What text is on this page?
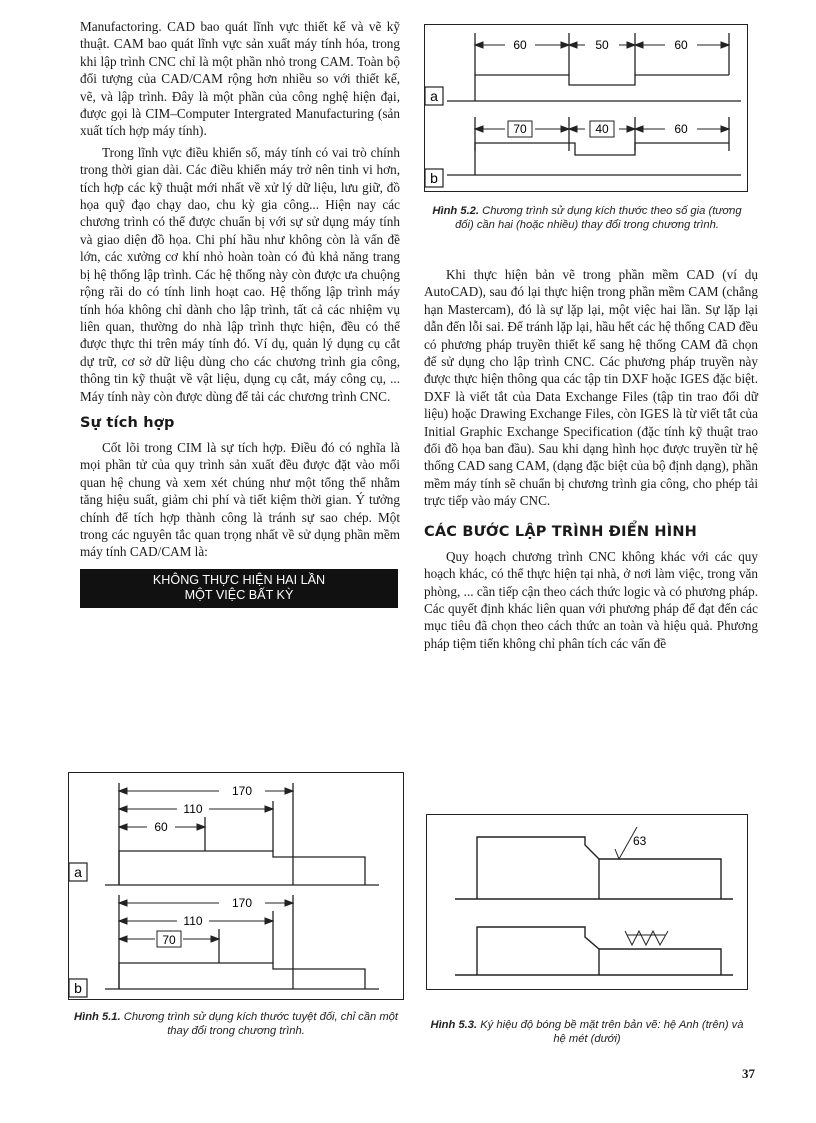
Manufactoring. CAD bao quát lĩnh vực thiết kế và vẽ kỹ thuật. CAM bao quát lĩnh vực sản xuất máy tính hóa, trong khi lập trình CNC chỉ là một phần nhỏ trong CAM. Toàn bộ đối tượng của CAD/CAM rộng hơn nhiều so với thiết kế, vẽ, và lập trình. Đây là một phần của công nghệ hiện đại, được gọi là CIM–Computer Intergrated Manufacturing (sản xuất tích hợp máy tính).

Trong lĩnh vực điều khiển số, máy tính có vai trò chính trong thời gian dài. Các điều khiển máy trở nên tinh vi hơn, tích hợp các kỹ thuật mới nhất về xử lý dữ liệu, lưu giữ, đồ họa quỹ đạo chạy dao, chu kỳ gia công... Hiện nay các chương trình có thể được chuẩn bị với sự sử dụng máy tính và giao diện đồ họa. Chi phí hầu như không còn là vấn đề lớn, các xưởng cơ khí nhỏ hoàn toàn có đủ khả năng trang bị hệ thống lập trình. Các hệ thống này còn được ưa chuộng rộng rãi do có tính linh hoạt cao. Hệ thống lập trình máy tính hóa không chỉ dành cho lập trình, tất cả các nhiệm vụ liên quan, thường do nhà lập trình thực hiện, đều có thể được thực thi trên máy tính đó. Ví dụ, quản lý dụng cụ cắt dự trữ, cơ sở dữ liệu dùng cho các chương trình gia công, thông tin kỹ thuật về vật liệu, dụng cụ cắt, máy công cụ, ... Máy tính này còn được dùng để tải các chương trình CNC.

Sự tích hợp

Cốt lõi trong CIM là sự tích hợp. Điều đó có nghĩa là mọi phần tử của quy trình sản xuất đều được đặt vào mối quan hệ chung và xem xét chúng như một tổng thể nhằm tăng hiệu suất, giảm chi phí và tiết kiệm thời gian. Ý tưởng chính để tích hợp thành công là tránh sự sao chép. Một trong các nguyên tắc quan trọng nhất về sử dụng phần mềm máy tính CAD/CAM là:

KHÔNG THỰC HIỆN HAI LẦN
MỘT VIỆC BẤT KỲ
170
110
60
a
170
110
70
b
Hình 5.1. Chương trình sử dụng kích thước tuyệt đối, chỉ cần một thay đổi trong chương trình.
60	50	60
a
70	40	60
b
Hình 5.2. Chương trình sử dụng kích thước theo số gia (tương đối) cần hai (hoặc nhiều) thay đổi trong chương trình.

Khi thực hiện bản vẽ trong phần mềm CAD (ví dụ AutoCAD), sau đó lại thực hiện trong phần mềm CAM (chẳng hạn Mastercam), đó là sự lặp lại, một việc hai lần. Sự lặp lại dẫn đến lỗi sai. Để tránh lặp lại, hầu hết các hệ thống CAD đều có phương pháp truyền thiết kế sang hệ thống CAM đã chọn để sử dụng cho lập trình CNC. Các phương pháp truyền này được thực hiện thông qua các tập tin DXF hoặc IGES đặc biệt. DXF là viết tắt của Data Exchange Files (tập tin trao đổi dữ liệu) hoặc Drawing Exchange Files, còn IGES là từ viết tắt của Initial Graphic Exchange Specification (đặc tính kỹ thuật trao đổi đồ họa ban đầu). Sau khi dạng hình học được truyền từ hệ thống CAD sang CAM, (dạng đặc biệt của bộ định dạng), phần mềm máy tính sẽ chuẩn bị chương trình gia công, cho phép tải trực tiếp vào máy CNC.

CÁC BƯỚC LẬP TRÌNH ĐIỂN HÌNH

Quy hoạch chương trình CNC không khác với các quy hoạch khác, có thể thực hiện tại nhà, ở nơi làm việc, trong văn phòng, ... cần tiếp cận theo cách thức logic và có phương pháp. Các quyết định khác liên quan với phương pháp để đạt đến các mục tiêu đã chọn theo cách thức an toàn và hiệu quả. Phương pháp tiệm tiến không chỉ phân tích các vấn đề

63
Hình 5.3. Ký hiệu độ bóng bề mặt trên bản vẽ: hệ Anh (trên) và hệ mét (dưới)
37
